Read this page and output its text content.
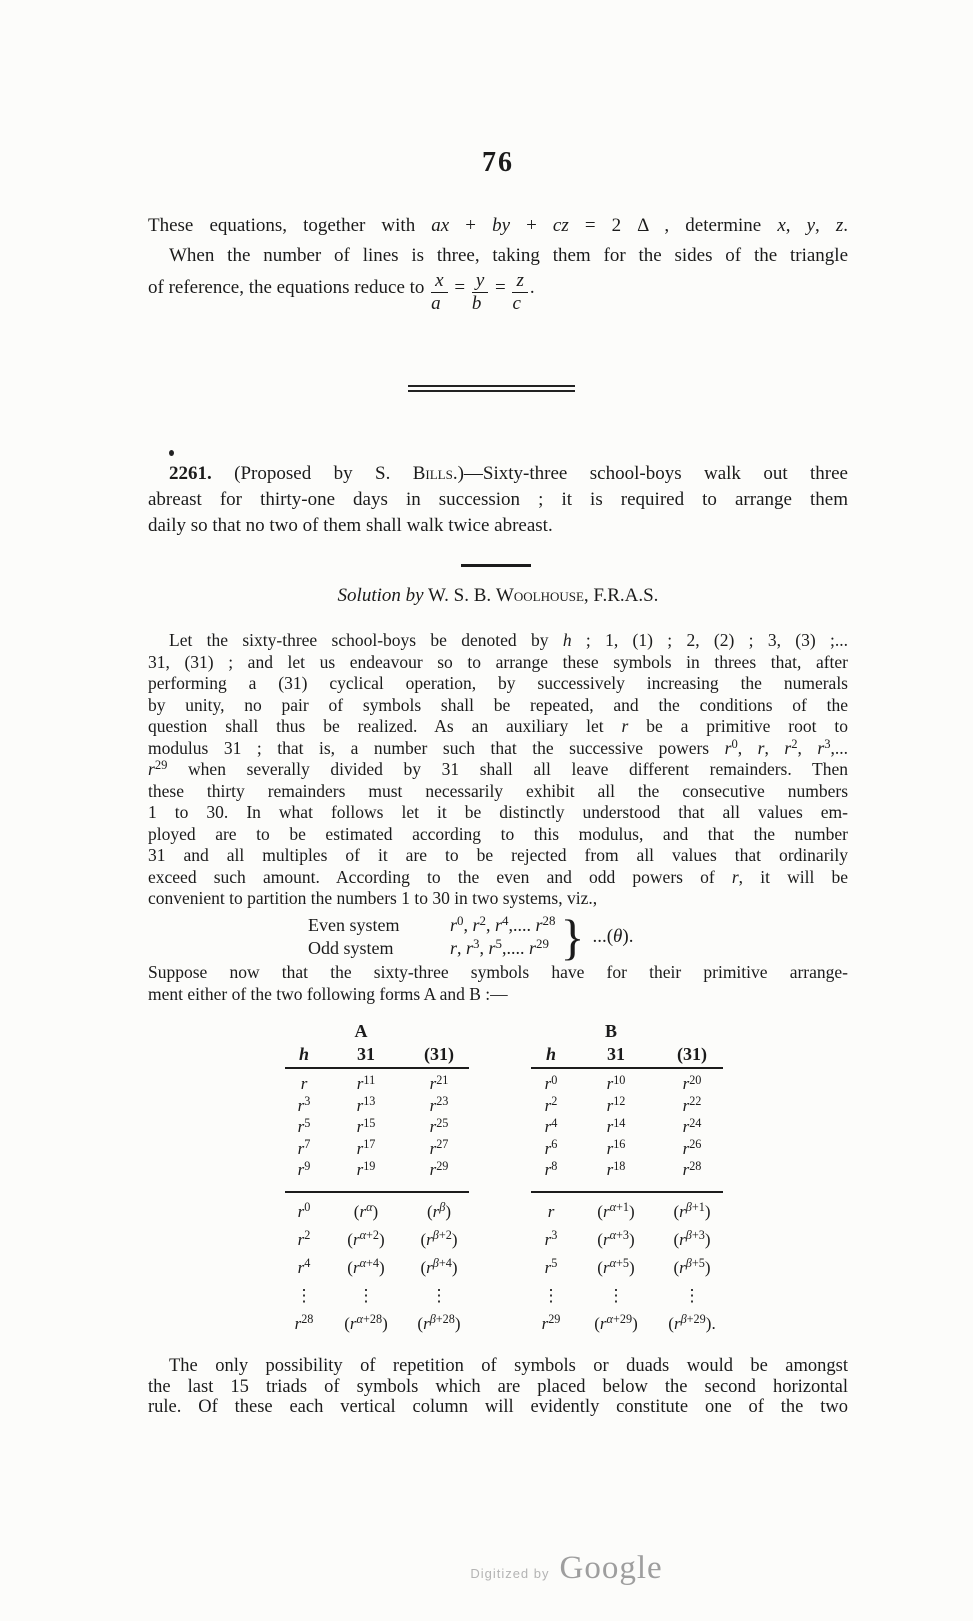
76
These equations, together with ax + by + cz = 2 Δ , determine x, y, z.
When the number of lines is three, taking them for the sides of the triangle
of reference, the equations reduce to $\frac{x}{a} = \frac{y}{b} = \frac{z}{c}$ .
2261. (Proposed by S. Bills.)—Sixty-three school-boys walk out three
abreast for thirty-one days in succession ; it is required to arrange them
daily so that no two of them shall walk twice abreast.
Solution by W. S. B. Woolhouse, F.R.A.S.
Let the sixty-three school-boys be denoted by h ; 1, (1) ; 2, (2) ; 3, (3) ;...
31, (31) ; and let us endeavour so to arrange these symbols in threes that, after
performing a (31) cyclical operation, by successively increasing the numerals
by unity, no pair of symbols shall be repeated, and the conditions of the
question shall thus be realized. As an auxiliary let r be a primitive root to
modulus 31 ; that is, a number such that the successive powers $r^0$, r, $r^2$, $r^3$,...
$r^{29}$ when severally divided by 31 shall all leave different remainders. Then
these thirty remainders must necessarily exhibit all the consecutive numbers
1 to 30. In what follows let it be distinctly understood that all values em-
ployed are to be estimated according to this modulus, and that the number
31 and all multiples of it are to be rejected from all values that ordinarily
exceed such amount. According to the even and odd powers of r, it will be
convenient to partition the numbers 1 to 30 in two systems, viz.,
Even system	$r^0$, $r^2$, $r^4$,.... $r^{28}$
Odd system	r, $r^3$, $r^5$,.... $r^{29}$ } ...(θ).
Suppose now that the sixty-three symbols have for their primitive arrange-
ment either of the two following forms A and B :—
A
h	31	(31)
r	$r^{11}$	$r^{21}$
$r^3$	$r^{13}$	$r^{23}$
$r^5$	$r^{15}$	$r^{25}$
$r^7$	$r^{17}$	$r^{27}$
$r^9$	$r^{19}$	$r^{29}$
$r^0$	$(r^\alpha)$	$(r^\beta)$
$r^2$	$(r^{\alpha+2})$	$(r^{\beta+2})$
$r^4$	$(r^{\alpha+4})$	$(r^{\beta+4})$
⋮	⋮	⋮
$r^{28}$	$(r^{\alpha+28})$	$(r^{\beta+28})$
B
h	31	(31)
$r^0$	$r^{10}$	$r^{20}$
$r^2$	$r^{12}$	$r^{22}$
$r^4$	$r^{14}$	$r^{24}$
$r^6$	$r^{16}$	$r^{26}$
$r^8$	$r^{18}$	$r^{28}$
r	$(r^{\alpha+1})$	$(r^{\beta+1})$
$r^3$	$(r^{\alpha+3})$	$(r^{\beta+3})$
$r^5$	$(r^{\alpha+5})$	$(r^{\beta+5})$
⋮	⋮	⋮
$r^{29}$	$(r^{\alpha+29})$	$(r^{\beta+29})$.
The only possibility of repetition of symbols or duads would be amongst
the last 15 triads of symbols which are placed below the second horizontal
rule. Of these each vertical column will evidently constitute one of the two
Digitized by Google
